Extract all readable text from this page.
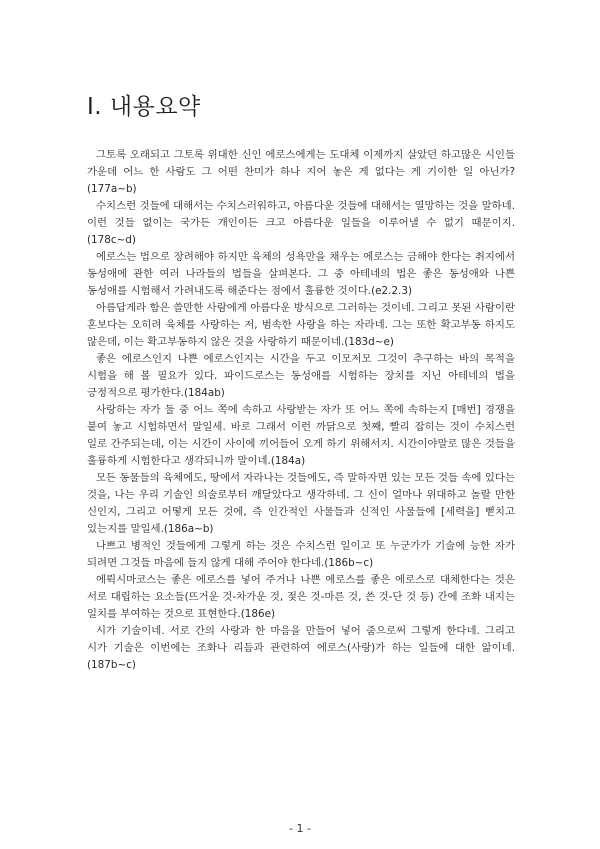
I. 내용요약

그토록 오래되고 그토록 위대한 신인 에로스에게는 도대체 이제까지 살았던 하고많은 시인들 가운데 어느 한 사람도 그 어떤 찬미가 하나 지어 놓은 게 없다는 게 기이한 일 아닌가?(177a~b)

수치스런 것들에 대해서는 수치스러워하고, 아름다운 것들에 대해서는 열망하는 것을 말하네. 이런 것들 없이는 국가든 개인이든 크고 아름다운 일들을 이루어낼 수 없기 때문이지.(178c~d)

에로스는 법으로 장려해야 하지만 육체의 성욕만을 채우는 에로스는 금해야 한다는 취지에서 동성애에 관한 여러 나라들의 법들을 살펴본다. 그 중 아테네의 법은 좋은 동성애와 나쁜 동성애를 시험해서 가려내도록 해준다는 점에서 훌륭한 것이다.(e2.2.3)

아름답게라 함은 쓸만한 사람에게 아름다운 방식으로 그러하는 것이네. 그리고 못된 사람이란 혼보다는 오히려 육체를 사랑하는 저, 범속한 사랑을 하는 자라네. 그는 또한 확고부동 하지도 않은데, 이는 확고부동하지 않은 것을 사랑하기 때문이네.(183d~e)

좋은 에로스인지 나쁜 에로스인지는 시간을 두고 이모저모 그것이 추구하는 바의 목적을 시험을 해 볼 필요가 있다. 파이드로스는 동성애를 시험하는 장치를 지닌 아테네의 법을 긍정적으로 평가한다.(184ab)

사랑하는 자가 둘 중 어느 쪽에 속하고 사랑받는 자가 또 어느 쪽에 속하는지 [매번] 경쟁을 붙여 놓고 시험하면서 말일세. 바로 그래서 이런 까닭으로 첫째, 빨리 잡히는 것이 수치스런 일로 간주되는데, 이는 시간이 사이에 끼어들어 오게 하기 위해서지. 시간이야말로 많은 것들을 훌륭하게 시험한다고 생각되니까 말이네.(184a)

모든 동물들의 육체에도, 땅에서 자라나는 것들에도, 즉 말하자면 있는 모든 것들 속에 있다는 것을, 나는 우리 기술인 의술로부터 깨달았다고 생각하네. 그 신이 얼마나 위대하고 놀랄 만한 신인지, 그리고 어떻게 모든 것에, 즉 인간적인 사물들과 신적인 사물들에 [세력을] 뻗치고 있는지를 말일세.(186a~b)

나쁘고 병적인 것들에게 그렇게 하는 것은 수치스런 일이고 또 누군가가 기술에 능한 자가 되려면 그것들 마음에 들지 않게 대해 주어야 한다네.(186b~c)

에뤽시마코스는 좋은 에로스를 넣어 주거나 나쁜 에로스를 좋은 에로스로 대체한다는 것은 서로 대립하는 요소들(뜨거운 것-차가운 것, 젖은 것-마른 것, 쓴 것-단 것 등) 간에 조화 내지는 일치를 부여하는 것으로 표현한다.(186e)

시가 기술이네. 서로 간의 사랑과 한 마음을 만들어 넣어 줌으로써 그렇게 한다네. 그리고 시가 기술은 이번에는 조화나 리듬과 관련하여 에로스(사랑)가 하는 일들에 대한 앎이네.(187b~c)

- 1 -
